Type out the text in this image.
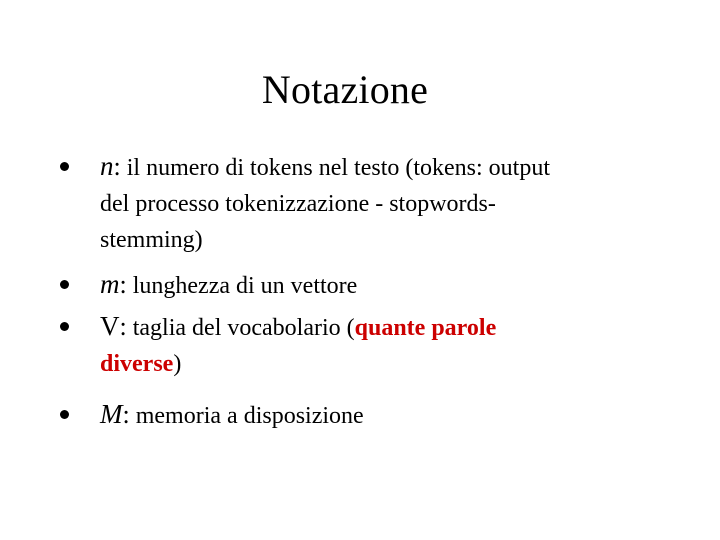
Notazione
n: il numero di tokens nel testo (tokens: output
del processo tokenizzazione - stopwords-
stemming)
m: lunghezza di un vettore
V: taglia del vocabolario (quante parole
diverse)
M: memoria a disposizione
